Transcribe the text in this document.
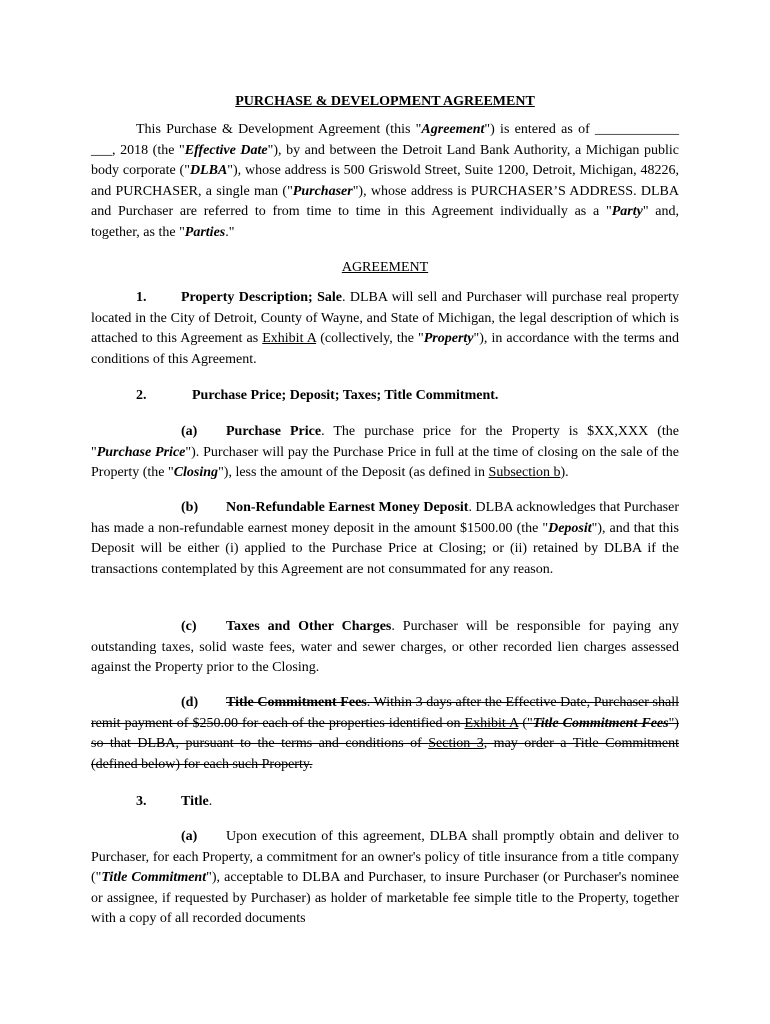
PURCHASE & DEVELOPMENT AGREEMENT
This Purchase & Development Agreement (this "Agreement") is entered as of ____________ ___, 2018 (the "Effective Date"), by and between the Detroit Land Bank Authority, a Michigan public body corporate ("DLBA"), whose address is 500 Griswold Street, Suite 1200, Detroit, Michigan, 48226, and PURCHASER, a single man ("Purchaser"), whose address is PURCHASER’S ADDRESS. DLBA and Purchaser are referred to from time to time in this Agreement individually as a "Party" and, together, as the "Parties."
AGREEMENT
1. Property Description; Sale. DLBA will sell and Purchaser will purchase real property located in the City of Detroit, County of Wayne, and State of Michigan, the legal description of which is attached to this Agreement as Exhibit A (collectively, the "Property"), in accordance with the terms and conditions of this Agreement.
2.	Purchase Price; Deposit; Taxes; Title Commitment.
(a) Purchase Price. The purchase price for the Property is $XX,XXX (the "Purchase Price"). Purchaser will pay the Purchase Price in full at the time of closing on the sale of the Property (the "Closing"), less the amount of the Deposit (as defined in Subsection b).
(b) Non-Refundable Earnest Money Deposit. DLBA acknowledges that Purchaser has made a non-refundable earnest money deposit in the amount $1500.00 (the "Deposit"), and that this Deposit will be either (i) applied to the Purchase Price at Closing; or (ii) retained by DLBA if the transactions contemplated by this Agreement are not consummated for any reason.
(c) Taxes and Other Charges. Purchaser will be responsible for paying any outstanding taxes, solid waste fees, water and sewer charges, or other recorded lien charges assessed against the Property prior to the Closing.
(d) Title Commitment Fees. Within 3 days after the Effective Date, Purchaser shall remit payment of $250.00 for each of the properties identified on Exhibit A ("Title Commitment Fees") so that DLBA, pursuant to the terms and conditions of Section 3, may order a Title Commitment (defined below) for each such Property.
3. Title.
(a) Upon execution of this agreement, DLBA shall promptly obtain and deliver to Purchaser, for each Property, a commitment for an owner's policy of title insurance from a title company ("Title Commitment"), acceptable to DLBA and Purchaser, to insure Purchaser (or Purchaser's nominee or assignee, if requested by Purchaser) as holder of marketable fee simple title to the Property, together with a copy of all recorded documents
